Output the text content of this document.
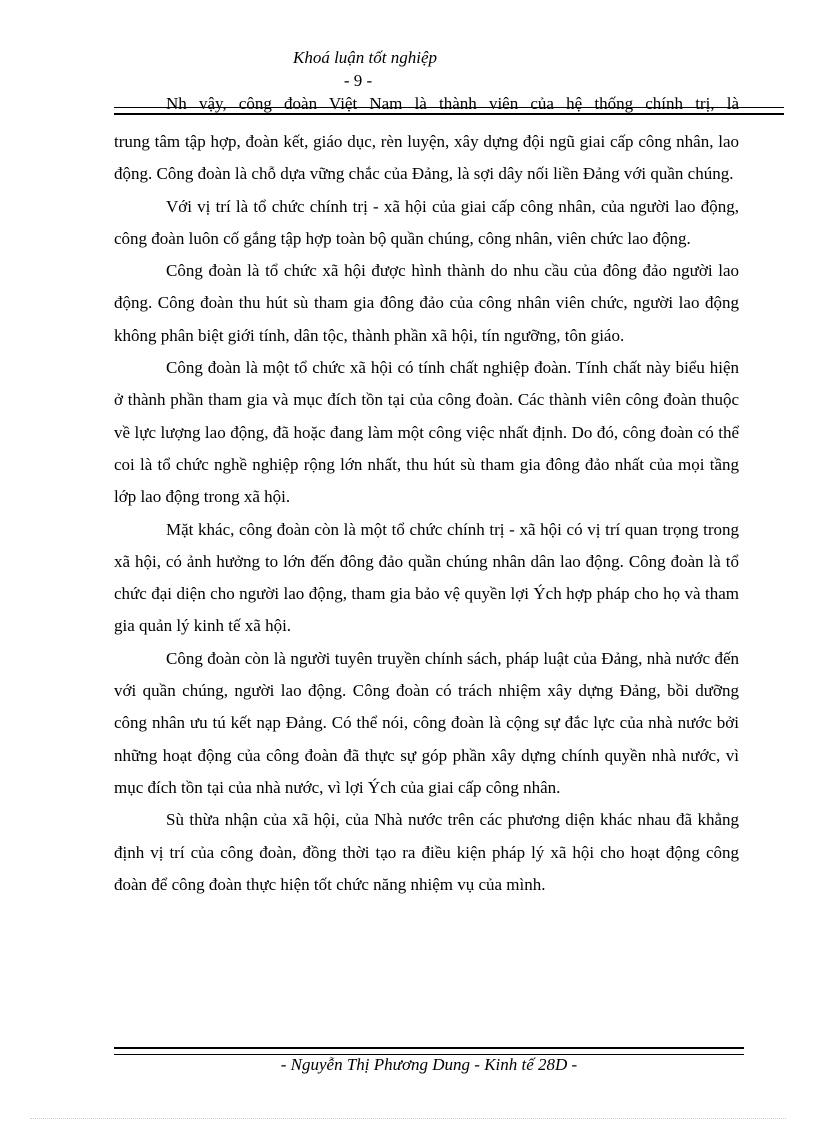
Khoá luận tốt nghiệp
- 9 -
Nh vậy, công đoàn Việt Nam là thành viên của hệ thống chính trị, là

trung tâm tập hợp, đoàn kết, giáo dục, rèn luyện, xây dựng đội ngũ giai cấp công nhân, lao động. Công đoàn là chỗ dựa vững chắc của Đảng, là sợi dây nối liền Đảng với quần chúng.

Với vị trí là tổ chức chính trị - xã hội của giai cấp công nhân, của người lao động, công đoàn luôn cố gắng tập hợp toàn bộ quần chúng, công nhân, viên chức lao động.

Công đoàn là tổ chức xã hội được hình thành do nhu cầu của đông đảo người lao động. Công đoàn thu hút sù tham gia đông đảo của công nhân viên chức, người lao động không phân biệt giới tính, dân tộc, thành phần xã hội, tín ngưỡng, tôn giáo.

Công đoàn là một tổ chức xã hội có tính chất nghiệp đoàn. Tính chất này biểu hiện ở thành phần tham gia và mục đích tồn tại của công đoàn. Các thành viên công đoàn thuộc về lực lượng lao động, đã hoặc đang làm một công việc nhất định. Do đó, công đoàn có thể coi là tổ chức nghề nghiệp rộng lớn nhất, thu hút sù tham gia đông đảo nhất của mọi tầng lớp lao động trong xã hội.

Mặt khác, công đoàn còn là một tổ chức chính trị - xã hội có vị trí quan trọng trong xã hội, có ảnh hưởng to lớn đến đông đảo quần chúng nhân dân lao động. Công đoàn là tổ chức đại diện cho người lao động, tham gia bảo vệ quyền lợi Ých hợp pháp cho họ và tham gia quản lý kinh tế xã hội.

Công đoàn còn là người tuyên truyền chính sách, pháp luật của Đảng, nhà nước đến với quần chúng, người lao động. Công đoàn có trách nhiệm xây dựng Đảng, bồi dưỡng công nhân ưu tú kết nạp Đảng. Có thể nói, công đoàn là cộng sự đắc lực của nhà nước bởi những hoạt động của công đoàn đã thực sự góp phần xây dựng chính quyền nhà nước, vì mục đích tồn tại của nhà nước, vì lợi Ých của giai cấp công nhân.

Sù thừa nhận của xã hội, của Nhà nước trên các phương diện khác nhau đã khẳng định vị trí của công đoàn, đồng thời tạo ra điều kiện pháp lý xã hội cho hoạt động công đoàn để công đoàn thực hiện tốt chức năng nhiệm vụ của mình.

- Nguyễn Thị Phương Dung - Kinh tế 28D -
